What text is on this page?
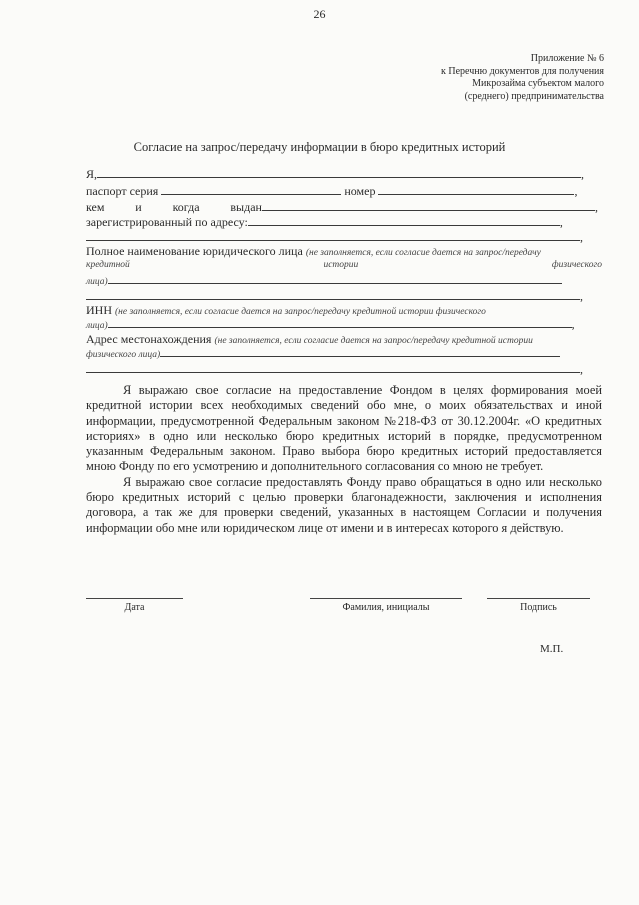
26
Приложение № 6
к Перечню документов для получения
Микрозайма субъектом малого
(среднего) предпринимательства
Согласие на запрос/передачу информации в бюро кредитных историй
Я,	,
паспорт серия	номер	,
кем	и	когда	выдан	,
зарегистрированный по адресу:	,
,
Полное наименование юридического лица (не заполняется, если согласие дается на запрос/передачу
кредитной	истории	физического
лица)
,
ИНН (не заполняется, если согласие дается на запрос/передачу кредитной истории физического
лица)	,
Адрес местонахождения (не заполняется, если согласие дается на запрос/передачу кредитной истории
физического лица)
,

Я выражаю свое согласие на предоставление Фондом в целях формирования моей кредитной истории всех необходимых сведений обо мне, о моих обязательствах и иной информации, предусмотренной Федеральным законом №218-ФЗ от 30.12.2004г. «О кредитных историях» в одно или несколько бюро кредитных историй в порядке, предусмотренном указанным Федеральным законом. Право выбора бюро кредитных историй предоставляется мною Фонду по его усмотрению и дополнительного согласования со мною не требует.

Я выражаю свое согласие предоставлять Фонду право обращаться в одно или несколько бюро кредитных историй с целью проверки благонадежности, заключения и исполнения договора, а так же для проверки сведений, указанных в настоящем Согласии и получения информации обо мне или юридическом лице от имени и в интересах которого я действую.

Дата	Фамилия, инициалы	Подпись
М.П.
